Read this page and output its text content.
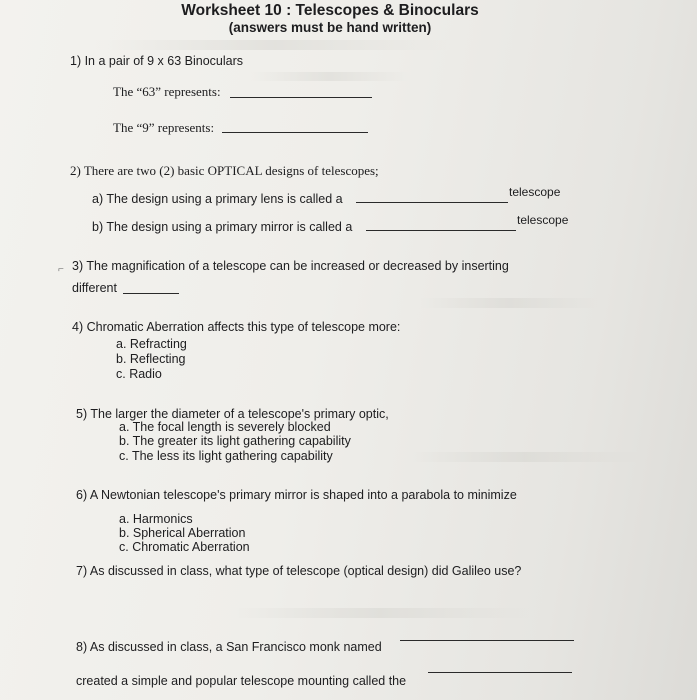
Worksheet 10 : Telescopes & Binoculars
(answers must be hand written)
1) In a pair of 9 x 63 Binoculars
The “63” represents:
The “9” represents:
2) There are two (2) basic OPTICAL designs of telescopes;
a) The design using a primary lens is called a	telescope
b) The design using a primary mirror is called a	telescope
⌐ 3) The magnification of a telescope can be increased or decreased by inserting
different
4) Chromatic Aberration affects this type of telescope more:
a. Refracting
b. Reflecting
c. Radio
5) The larger the diameter of a telescope's primary optic,
a. The focal length is severely blocked
b. The greater its light gathering capability
c. The less its light gathering capability
6) A Newtonian telescope's primary mirror is shaped into a parabola to minimize
a. Harmonics
b. Spherical Aberration
c. Chromatic Aberration
7) As discussed in class, what type of telescope (optical design) did Galileo use?
8) As discussed in class, a San Francisco monk named
created a simple and popular telescope mounting called the
